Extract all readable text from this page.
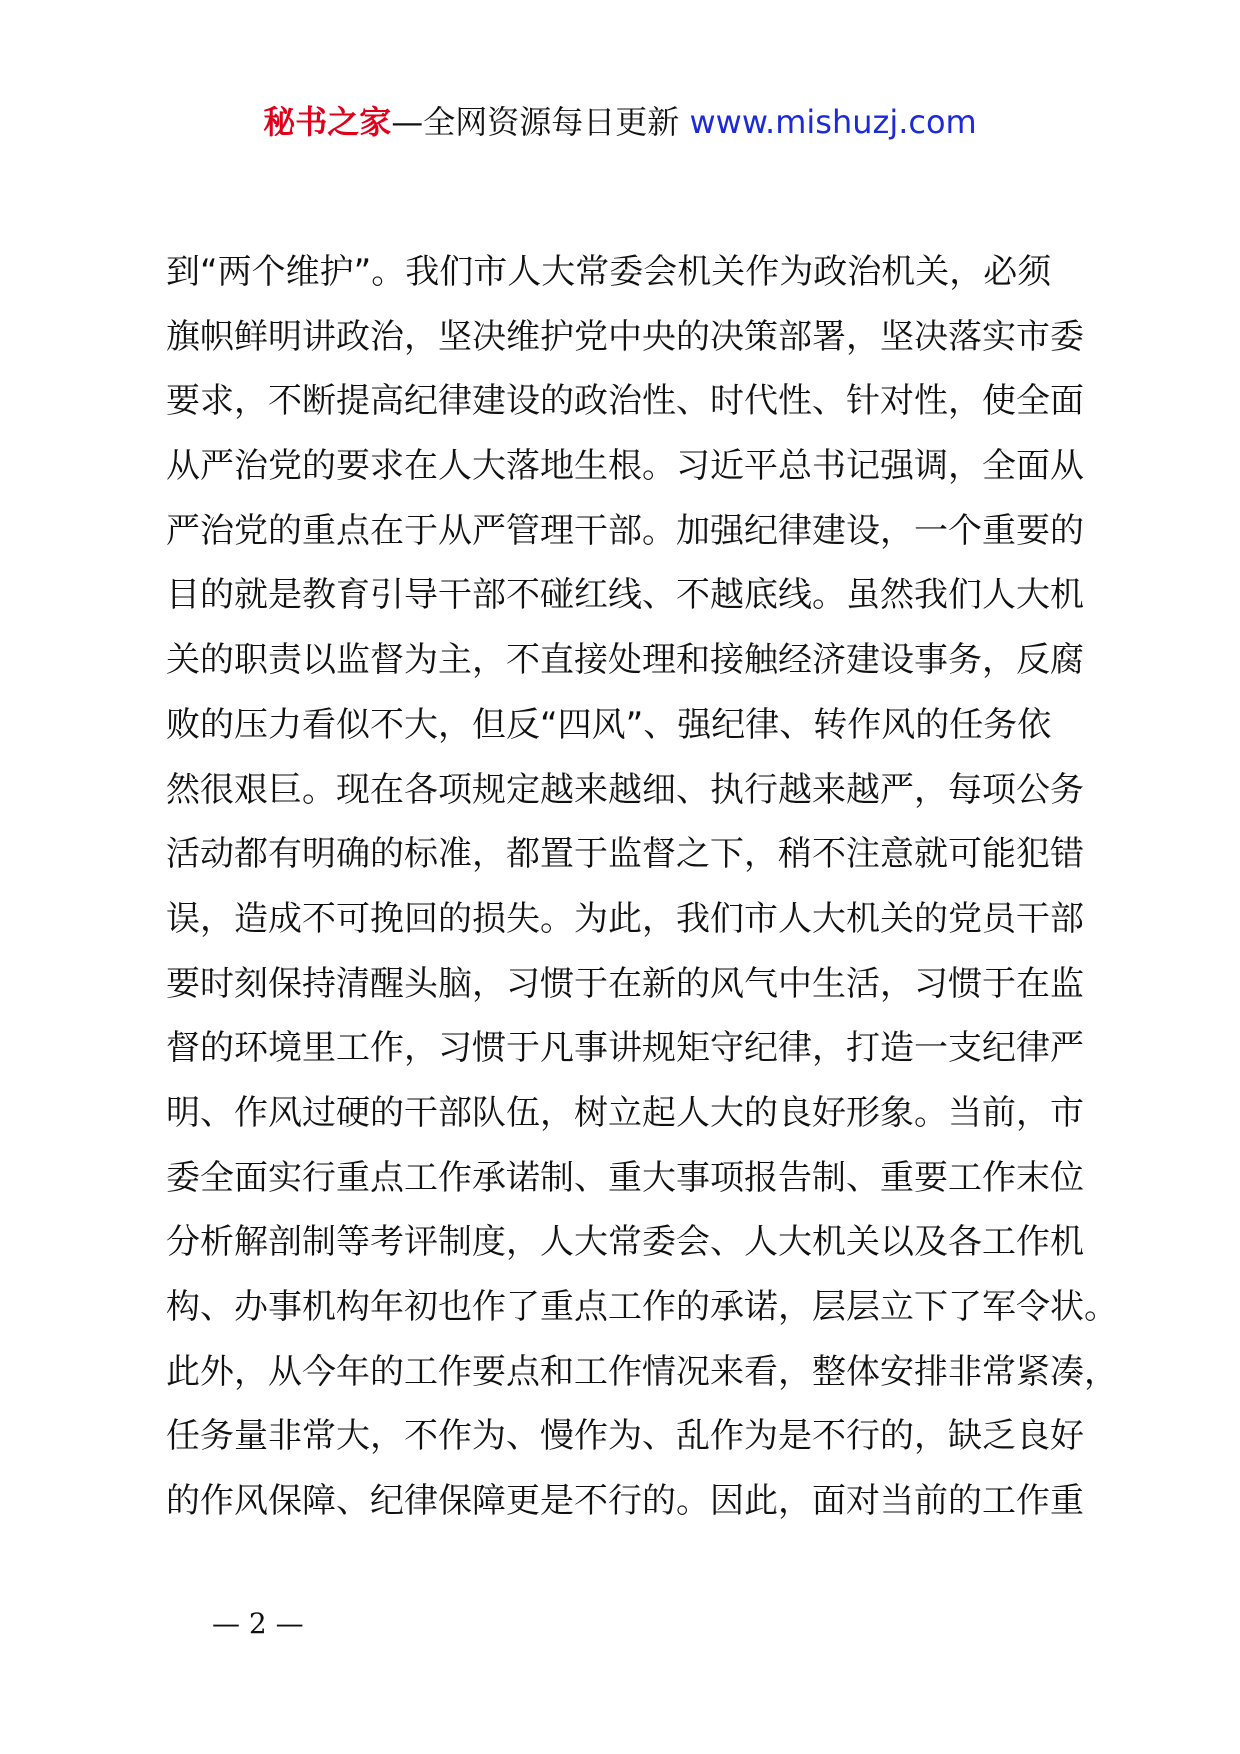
秘书之家—全网资源每日更新 www.mishuzj.com
到“两个维护”。我们市人大常委会机关作为政治机关，必须
旗帜鲜明讲政治，坚决维护党中央的决策部署，坚决落实市委
要求，不断提高纪律建设的政治性、时代性、针对性，使全面
从严治党的要求在人大落地生根。习近平总书记强调，全面从
严治党的重点在于从严管理干部。加强纪律建设，一个重要的
目的就是教育引导干部不碰红线、不越底线。虽然我们人大机
关的职责以监督为主，不直接处理和接触经济建设事务，反腐
败的压力看似不大，但反“四风”、强纪律、转作风的任务依
然很艰巨。现在各项规定越来越细、执行越来越严，每项公务
活动都有明确的标准，都置于监督之下，稍不注意就可能犯错
误，造成不可挽回的损失。为此，我们市人大机关的党员干部
要时刻保持清醒头脑，习惯于在新的风气中生活，习惯于在监
督的环境里工作，习惯于凡事讲规矩守纪律，打造一支纪律严
明、作风过硬的干部队伍，树立起人大的良好形象。当前，市
委全面实行重点工作承诺制、重大事项报告制、重要工作末位
分析解剖制等考评制度，人大常委会、人大机关以及各工作机
构、办事机构年初也作了重点工作的承诺，层层立下了军令状。
此外，从今年的工作要点和工作情况来看，整体安排非常紧凑，
任务量非常大，不作为、慢作为、乱作为是不行的，缺乏良好
的作风保障、纪律保障更是不行的。因此，面对当前的工作重
— 2 —
